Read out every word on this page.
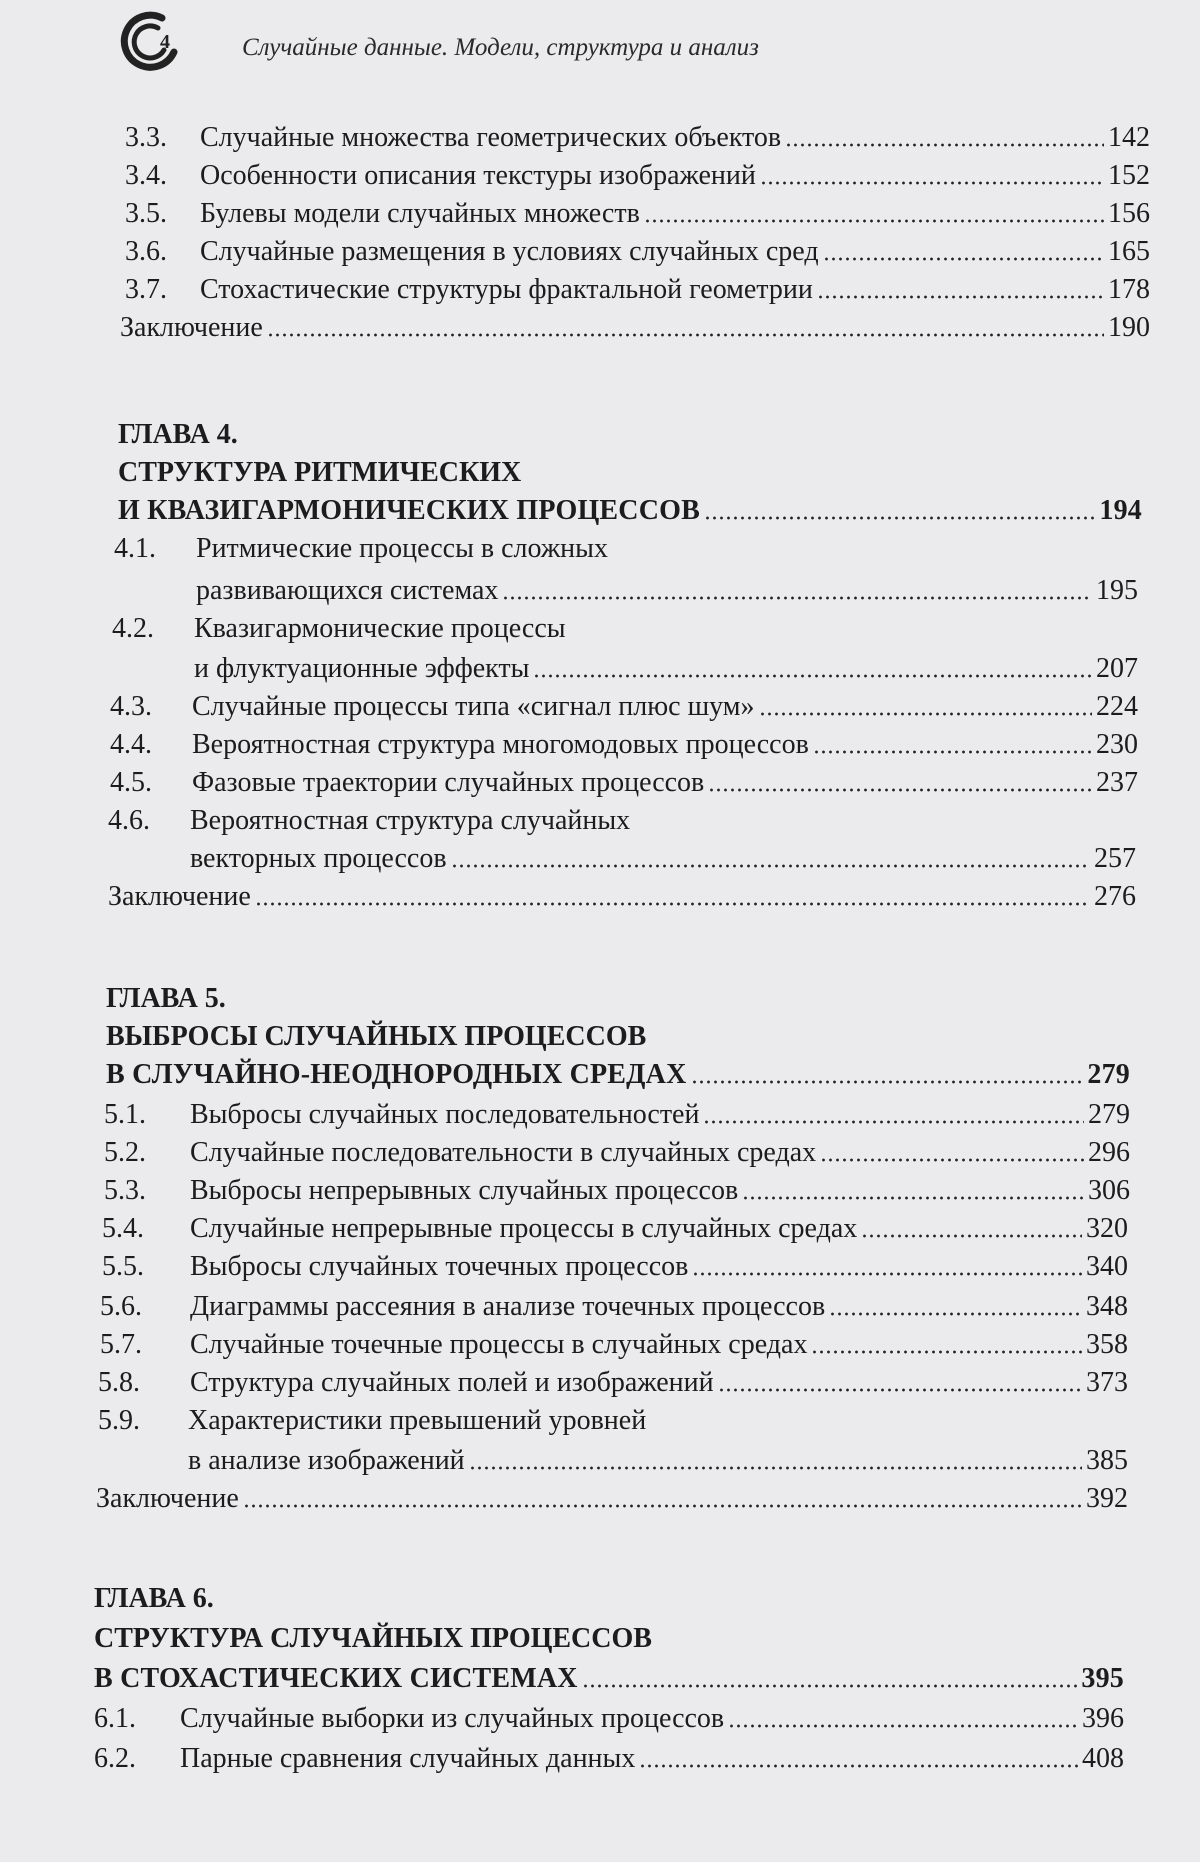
4	Случайные данные. Модели, структура и анализ
3.3.	Случайные множества геометрических объектов	142
3.4.	Особенности описания текстуры изображений	152
3.5.	Булевы модели случайных множеств	156
3.6.	Случайные размещения в условиях случайных сред	165
3.7.	Стохастические структуры фрактальной геометрии	178
Заключение	190
ГЛАВА 4.
СТРУКТУРА РИТМИЧЕСКИХ
И КВАЗИГАРМОНИЧЕСКИХ ПРОЦЕССОВ	194
4.1. Ритмические процессы в сложных
развивающихся системах	195
4.2. Квазигармонические процессы
и флуктуационные эффекты	207
4.3.	Случайные процессы типа «сигнал плюс шум»	224
4.4.	Вероятностная структура многомодовых процессов	230
4.5.	Фазовые траектории случайных процессов	237
4.6. Вероятностная структура случайных
векторных процессов	257
Заключение	276
ГЛАВА 5.
ВЫБРОСЫ СЛУЧАЙНЫХ ПРОЦЕССОВ
В СЛУЧАЙНО-НЕОДНОРОДНЫХ СРЕДАХ	279
5.1.	Выбросы случайных последовательностей	279
5.2.	Случайные последовательности в случайных средах	296
5.3.	Выбросы непрерывных случайных процессов	306
5.4.	Случайные непрерывные процессы в случайных средах	320
5.5.	Выбросы случайных точечных процессов	340
5.6.	Диаграммы рассеяния в анализе точечных процессов	348
5.7.	Случайные точечные процессы в случайных средах	358
5.8.	Структура случайных полей и изображений	373
5.9. Характеристики превышений уровней
в анализе изображений	385
Заключение	392
ГЛАВА 6.
СТРУКТУРА СЛУЧАЙНЫХ ПРОЦЕССОВ
В СТОХАСТИЧЕСКИХ СИСТЕМАХ	395
6.1.	Случайные выборки из случайных процессов	396
6.2.	Парные сравнения случайных данных	408
